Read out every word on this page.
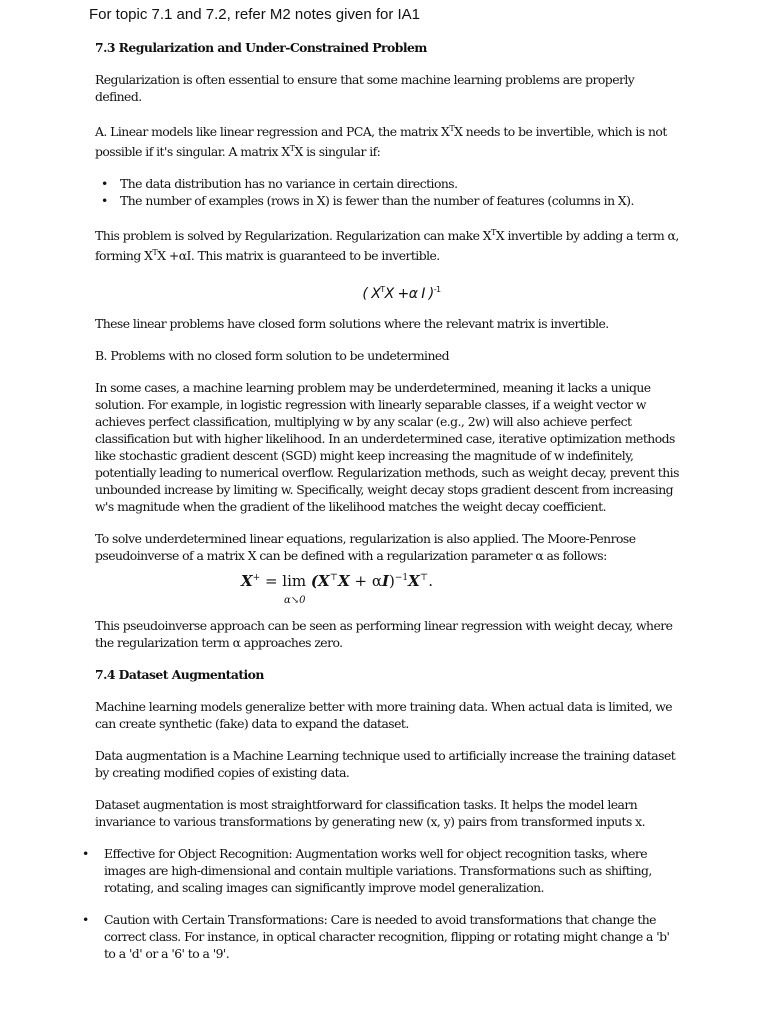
For topic 7.1 and 7.2, refer M2 notes given for IA1
7.3 Regularization and Under-Constrained Problem

Regularization is often essential to ensure that some machine learning problems are properly defined.

A. Linear models like linear regression and PCA, the matrix $X^TX$ needs to be invertible, which is not possible if it's singular. A matrix $X^TX$ is singular if:

• The data distribution has no variance in certain directions.
• The number of examples (rows in X) is fewer than the number of features (columns in X).

This problem is solved by Regularization. Regularization can make $X^TX$ invertible by adding a term α, forming $X^TX +\alpha I$. This matrix is guaranteed to be invertible.

( $X^TX +\alpha$ I )$^{-1}$

These linear problems have closed form solutions where the relevant matrix is invertible.

B. Problems with no closed form solution to be undetermined

In some cases, a machine learning problem may be underdetermined, meaning it lacks a unique solution. For example, in logistic regression with linearly separable classes, if a weight vector w achieves perfect classification, multiplying w by any scalar (e.g., 2w) will also achieve perfect classification but with higher likelihood. In an underdetermined case, iterative optimization methods like stochastic gradient descent (SGD) might keep increasing the magnitude of w indefinitely, potentially leading to numerical overflow. Regularization methods, such as weight decay, prevent this unbounded increase by limiting w. Specifically, weight decay stops gradient descent from increasing w's magnitude when the gradient of the likelihood matches the weight decay coefficient.

To solve underdetermined linear equations, regularization is also applied. The Moore-Penrose pseudoinverse of a matrix X can be defined with a regularization parameter α as follows:

$X^+ = \lim (X^⊤X + \alpha I)^{-1}X^⊤$.
α↘0

This pseudoinverse approach can be seen as performing linear regression with weight decay, where the regularization term α approaches zero.

7.4 Dataset Augmentation

Machine learning models generalize better with more training data. When actual data is limited, we can create synthetic (fake) data to expand the dataset.

Data augmentation is a Machine Learning technique used to artificially increase the training dataset by creating modified copies of existing data.

Dataset augmentation is most straightforward for classification tasks. It helps the model learn invariance to various transformations by generating new (x, y) pairs from transformed inputs x.

• Effective for Object Recognition: Augmentation works well for object recognition tasks, where images are high-dimensional and contain multiple variations. Transformations such as shifting, rotating, and scaling images can significantly improve model generalization.
• Caution with Certain Transformations: Care is needed to avoid transformations that change the correct class. For instance, in optical character recognition, flipping or rotating might change a 'b' to a 'd' or a '6' to a '9'.
